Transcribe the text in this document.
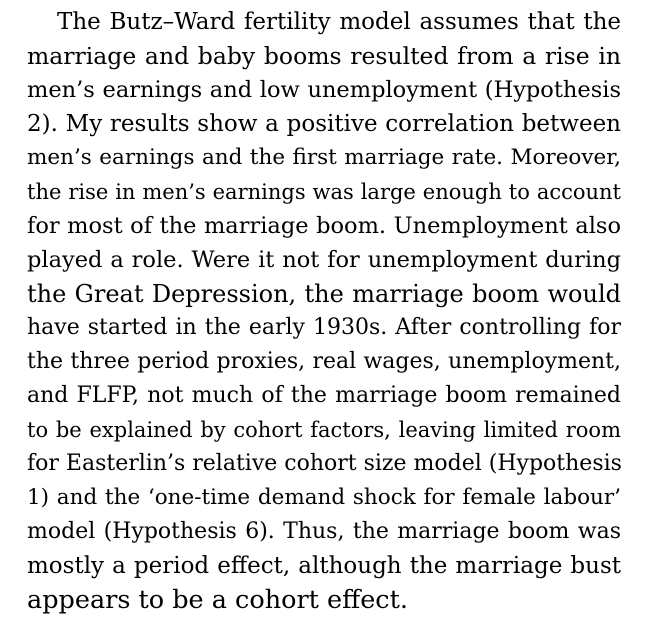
The Butz–Ward fertility model assumes that the
marriage and baby booms resulted from a rise in
men’s earnings and low unemployment (Hypothesis
2). My results show a positive correlation between
men’s earnings and the first marriage rate. Moreover,
the rise in men’s earnings was large enough to account
for most of the marriage boom. Unemployment also
played a role. Were it not for unemployment during
the Great Depression, the marriage boom would
have started in the early 1930s. After controlling for
the three period proxies, real wages, unemployment,
and FLFP, not much of the marriage boom remained
to be explained by cohort factors, leaving limited room
for Easterlin’s relative cohort size model (Hypothesis
1) and the ‘one-time demand shock for female labour’
model (Hypothesis 6). Thus, the marriage boom was
mostly a period effect, although the marriage bust
appears to be a cohort effect.
